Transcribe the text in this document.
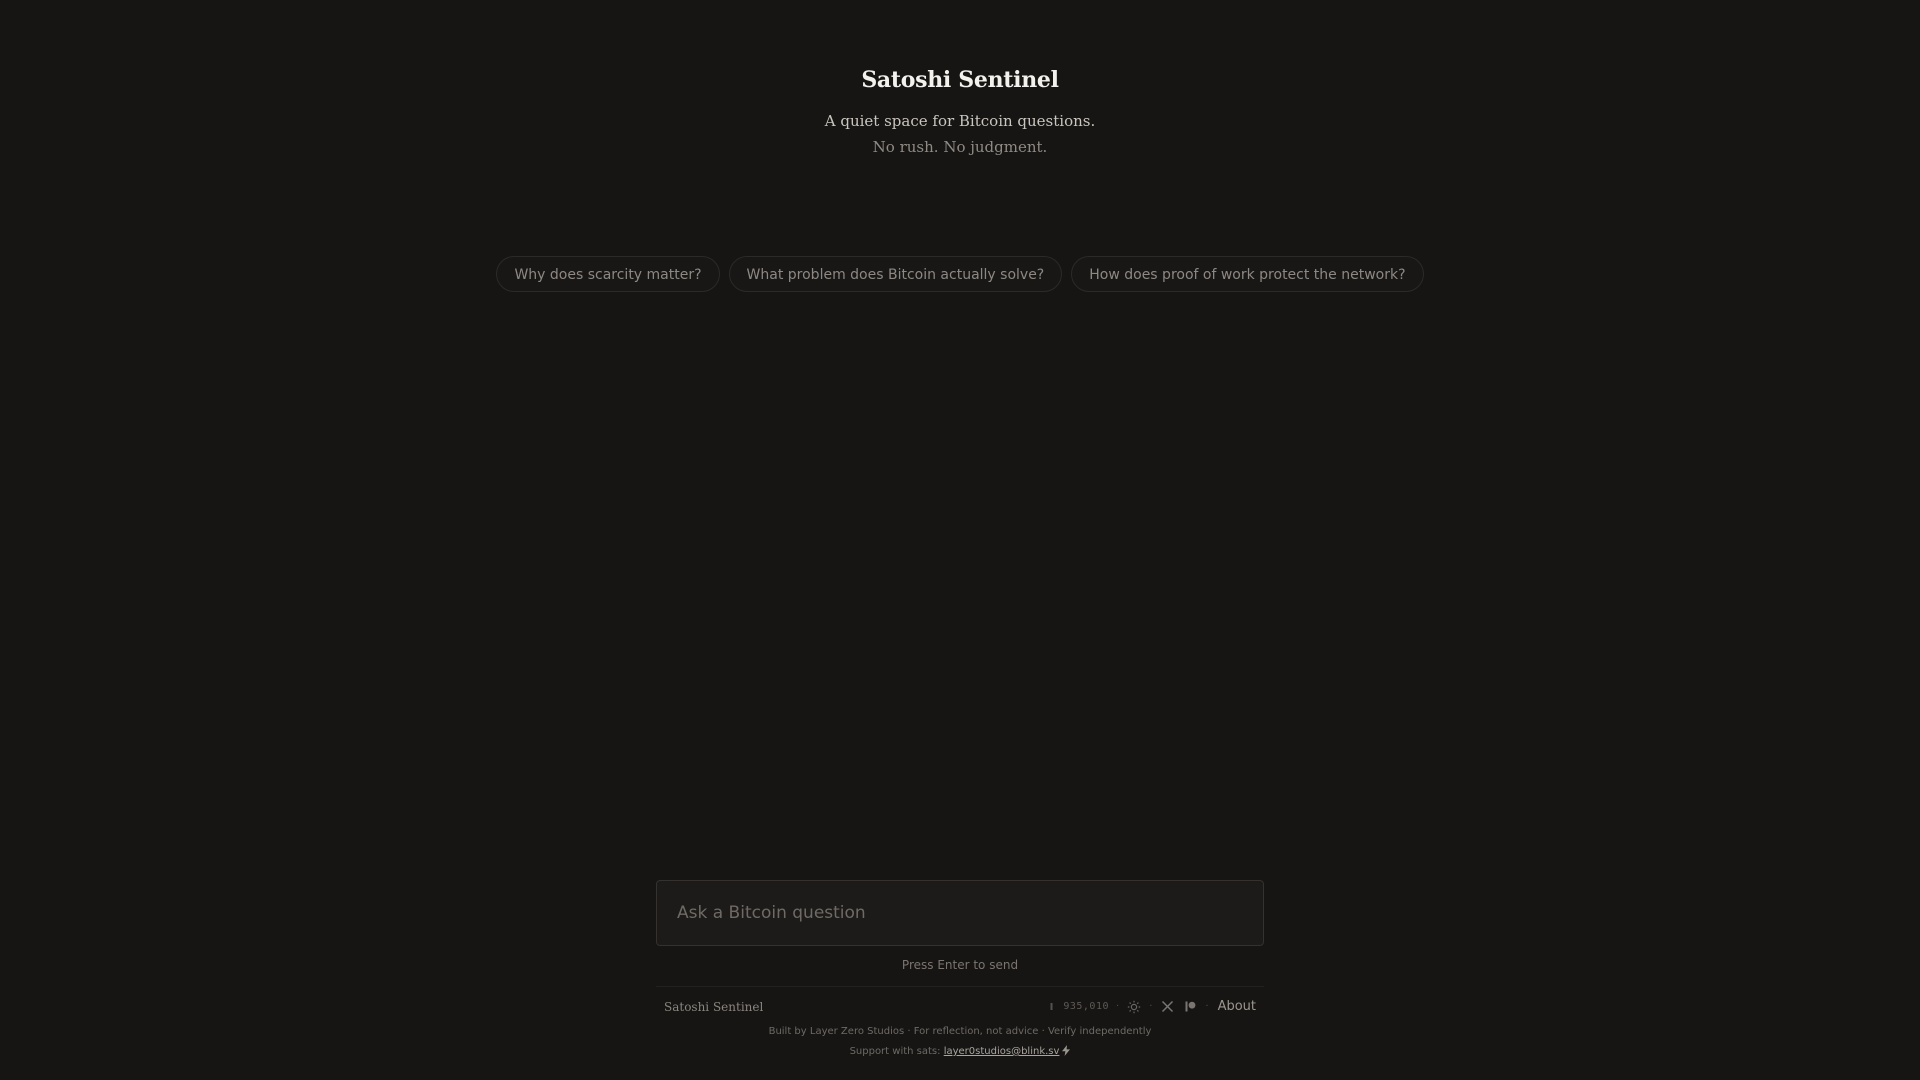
Satoshi Sentinel
A quiet space for Bitcoin questions.
No rush. No judgment.
Why does scarcity matter?	What problem does Bitcoin actually solve?	How does proof of work protect the network?
Ask a Bitcoin question
Press Enter to send
Satoshi Sentinel	935,010 ·	·	· About
Built by Layer Zero Studios · For reflection, not advice · Verify independently
Support with sats: layer0studios@blink.sv
